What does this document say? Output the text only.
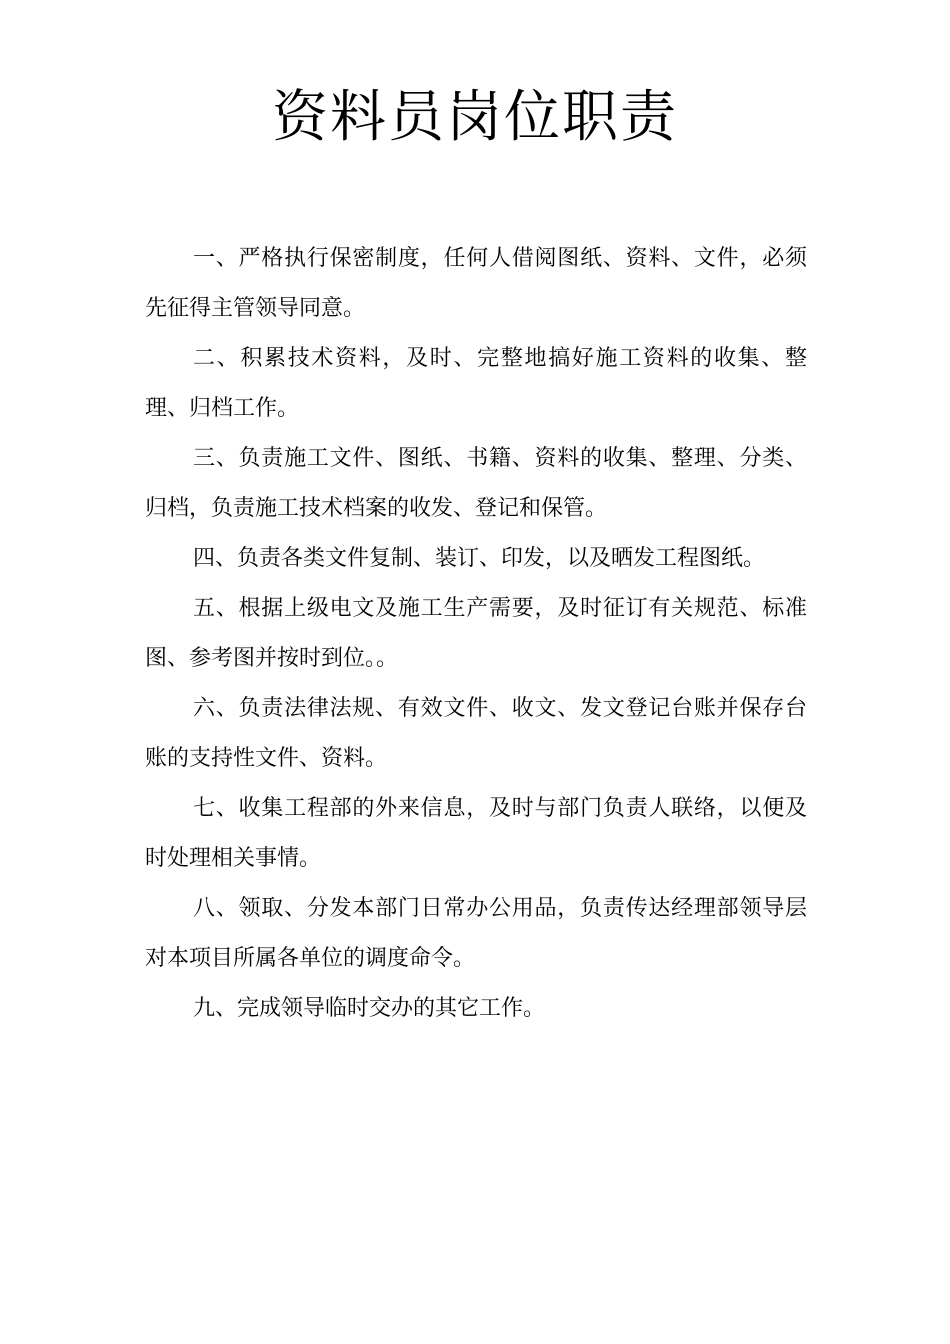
资料员岗位职责

一、严格执行保密制度，任何人借阅图纸、资料、文件，必须先征得主管领导同意。

二、积累技术资料，及时、完整地搞好施工资料的收集、整理、归档工作。

三、负责施工文件、图纸、书籍、资料的收集、整理、分类、归档，负责施工技术档案的收发、登记和保管。

四、负责各类文件复制、装订、印发，以及晒发工程图纸。

五、根据上级电文及施工生产需要，及时征订有关规范、标准图、参考图并按时到位。。

六、负责法律法规、有效文件、收文、发文登记台账并保存台账的支持性文件、资料。

七、收集工程部的外来信息，及时与部门负责人联络，以便及时处理相关事情。

八、领取、分发本部门日常办公用品，负责传达经理部领导层对本项目所属各单位的调度命令。

九、完成领导临时交办的其它工作。
